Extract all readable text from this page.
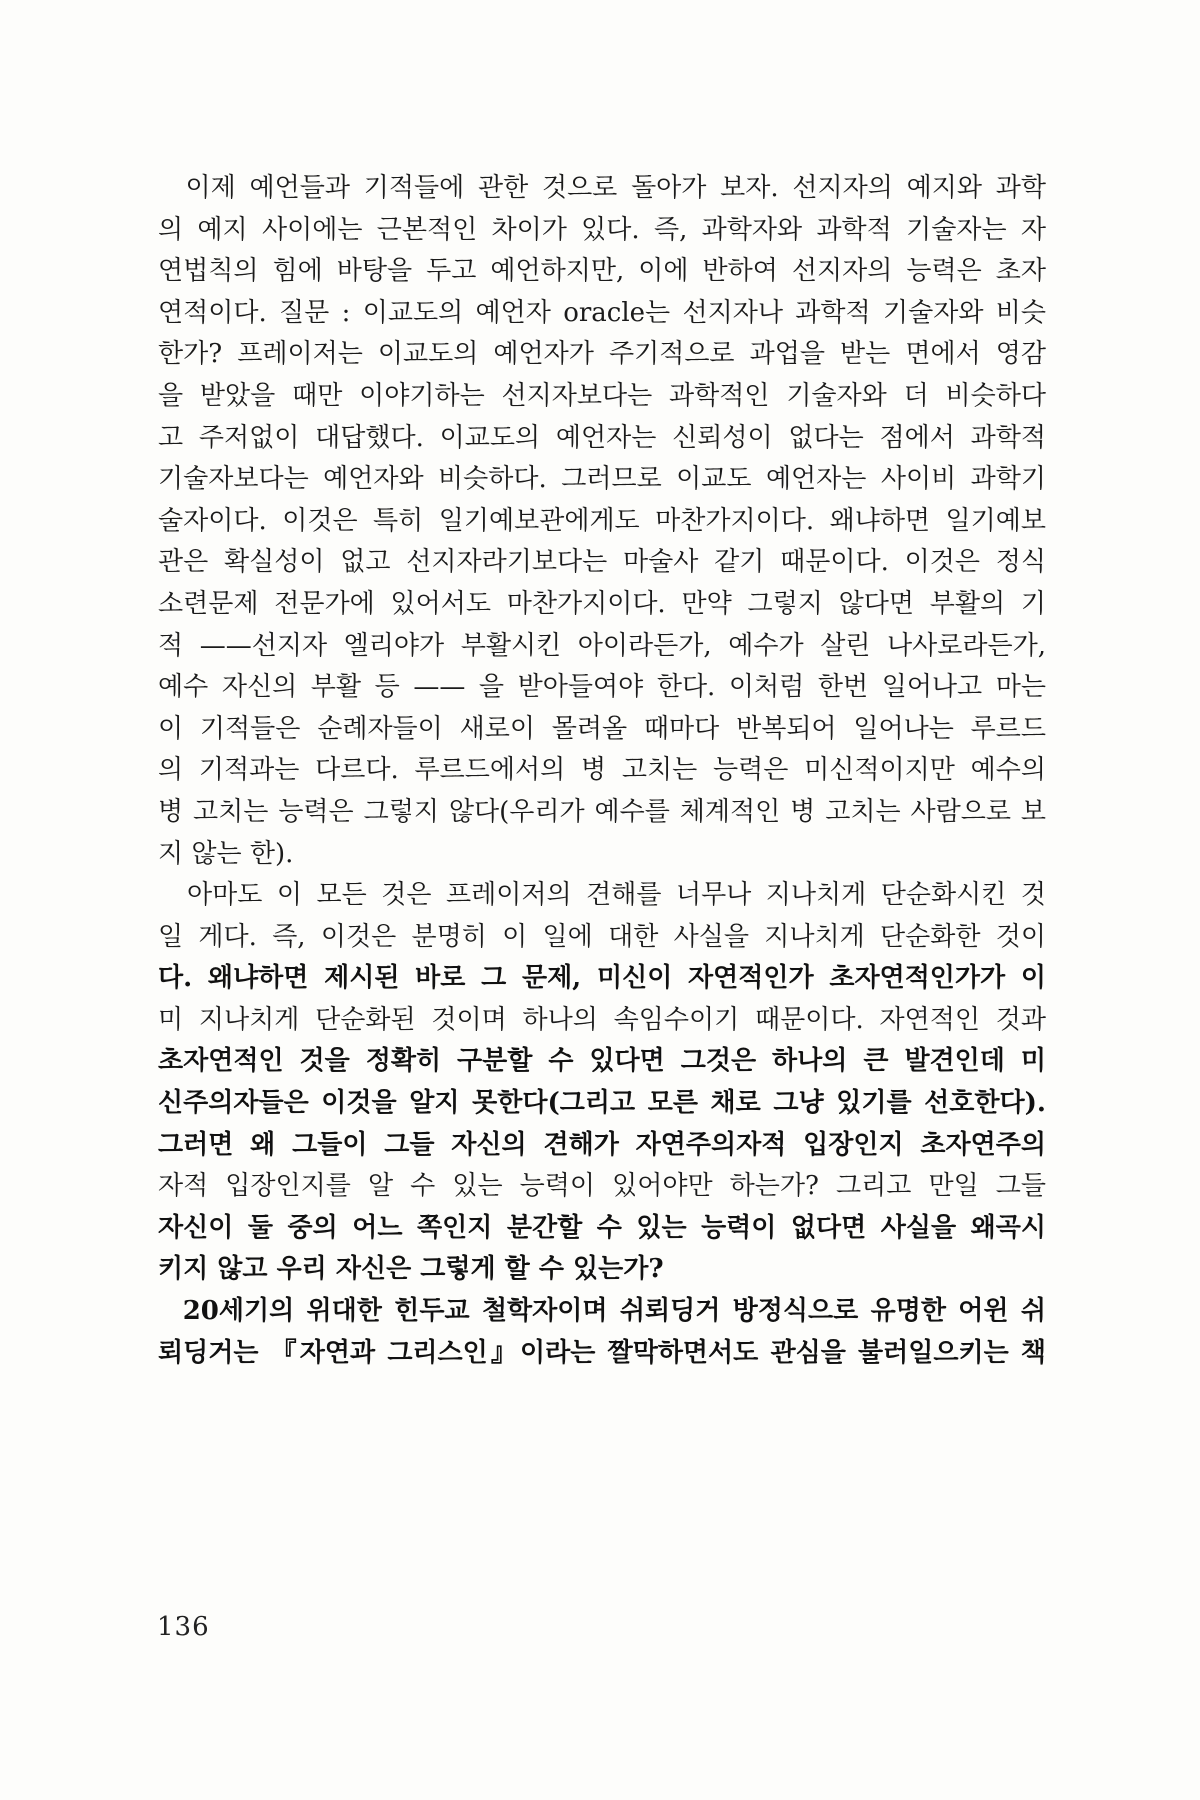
이제 예언들과 기적들에 관한 것으로 돌아가 보자. 선지자의 예지와 과학
의 예지 사이에는 근본적인 차이가 있다. 즉, 과학자와 과학적 기술자는 자
연법칙의 힘에 바탕을 두고 예언하지만, 이에 반하여 선지자의 능력은 초자
연적이다. 질문 : 이교도의 예언자 oracle는 선지자나 과학적 기술자와 비슷
한가? 프레이저는 이교도의 예언자가 주기적으로 과업을 받는 면에서 영감
을 받았을 때만 이야기하는 선지자보다는 과학적인 기술자와 더 비슷하다
고 주저없이 대답했다. 이교도의 예언자는 신뢰성이 없다는 점에서 과학적
기술자보다는 예언자와 비슷하다. 그러므로 이교도 예언자는 사이비 과학기
술자이다. 이것은 특히 일기예보관에게도 마찬가지이다. 왜냐하면 일기예보
관은 확실성이 없고 선지자라기보다는 마술사 같기 때문이다. 이것은 정식
소련문제 전문가에 있어서도 마찬가지이다. 만약 그렇지 않다면 부활의 기
적 ——선지자 엘리야가 부활시킨 아이라든가, 예수가 살린 나사로라든가,
예수 자신의 부활 등 —— 을 받아들여야 한다. 이처럼 한번 일어나고 마는
이 기적들은 순례자들이 새로이 몰려올 때마다 반복되어 일어나는 루르드
의 기적과는 다르다. 루르드에서의 병 고치는 능력은 미신적이지만 예수의
병 고치는 능력은 그렇지 않다(우리가 예수를 체계적인 병 고치는 사람으로 보
지 않는 한).
아마도 이 모든 것은 프레이저의 견해를 너무나 지나치게 단순화시킨 것
일 게다. 즉, 이것은 분명히 이 일에 대한 사실을 지나치게 단순화한 것이
다. 왜냐하면 제시된 바로 그 문제, 미신이 자연적인가 초자연적인가가 이
미 지나치게 단순화된 것이며 하나의 속임수이기 때문이다. 자연적인 것과
초자연적인 것을 정확히 구분할 수 있다면 그것은 하나의 큰 발견인데 미
신주의자들은 이것을 알지 못한다(그리고 모른 채로 그냥 있기를 선호한다).
그러면 왜 그들이 그들 자신의 견해가 자연주의자적 입장인지 초자연주의
자적 입장인지를 알 수 있는 능력이 있어야만 하는가? 그리고 만일 그들
자신이 둘 중의 어느 쪽인지 분간할 수 있는 능력이 없다면 사실을 왜곡시
키지 않고 우리 자신은 그렇게 할 수 있는가?
20세기의 위대한 힌두교 철학자이며 쉬뢰딩거 방정식으로 유명한 어윈 쉬
뢰딩거는 『자연과 그리스인』이라는 짤막하면서도 관심을 불러일으키는 책
136
